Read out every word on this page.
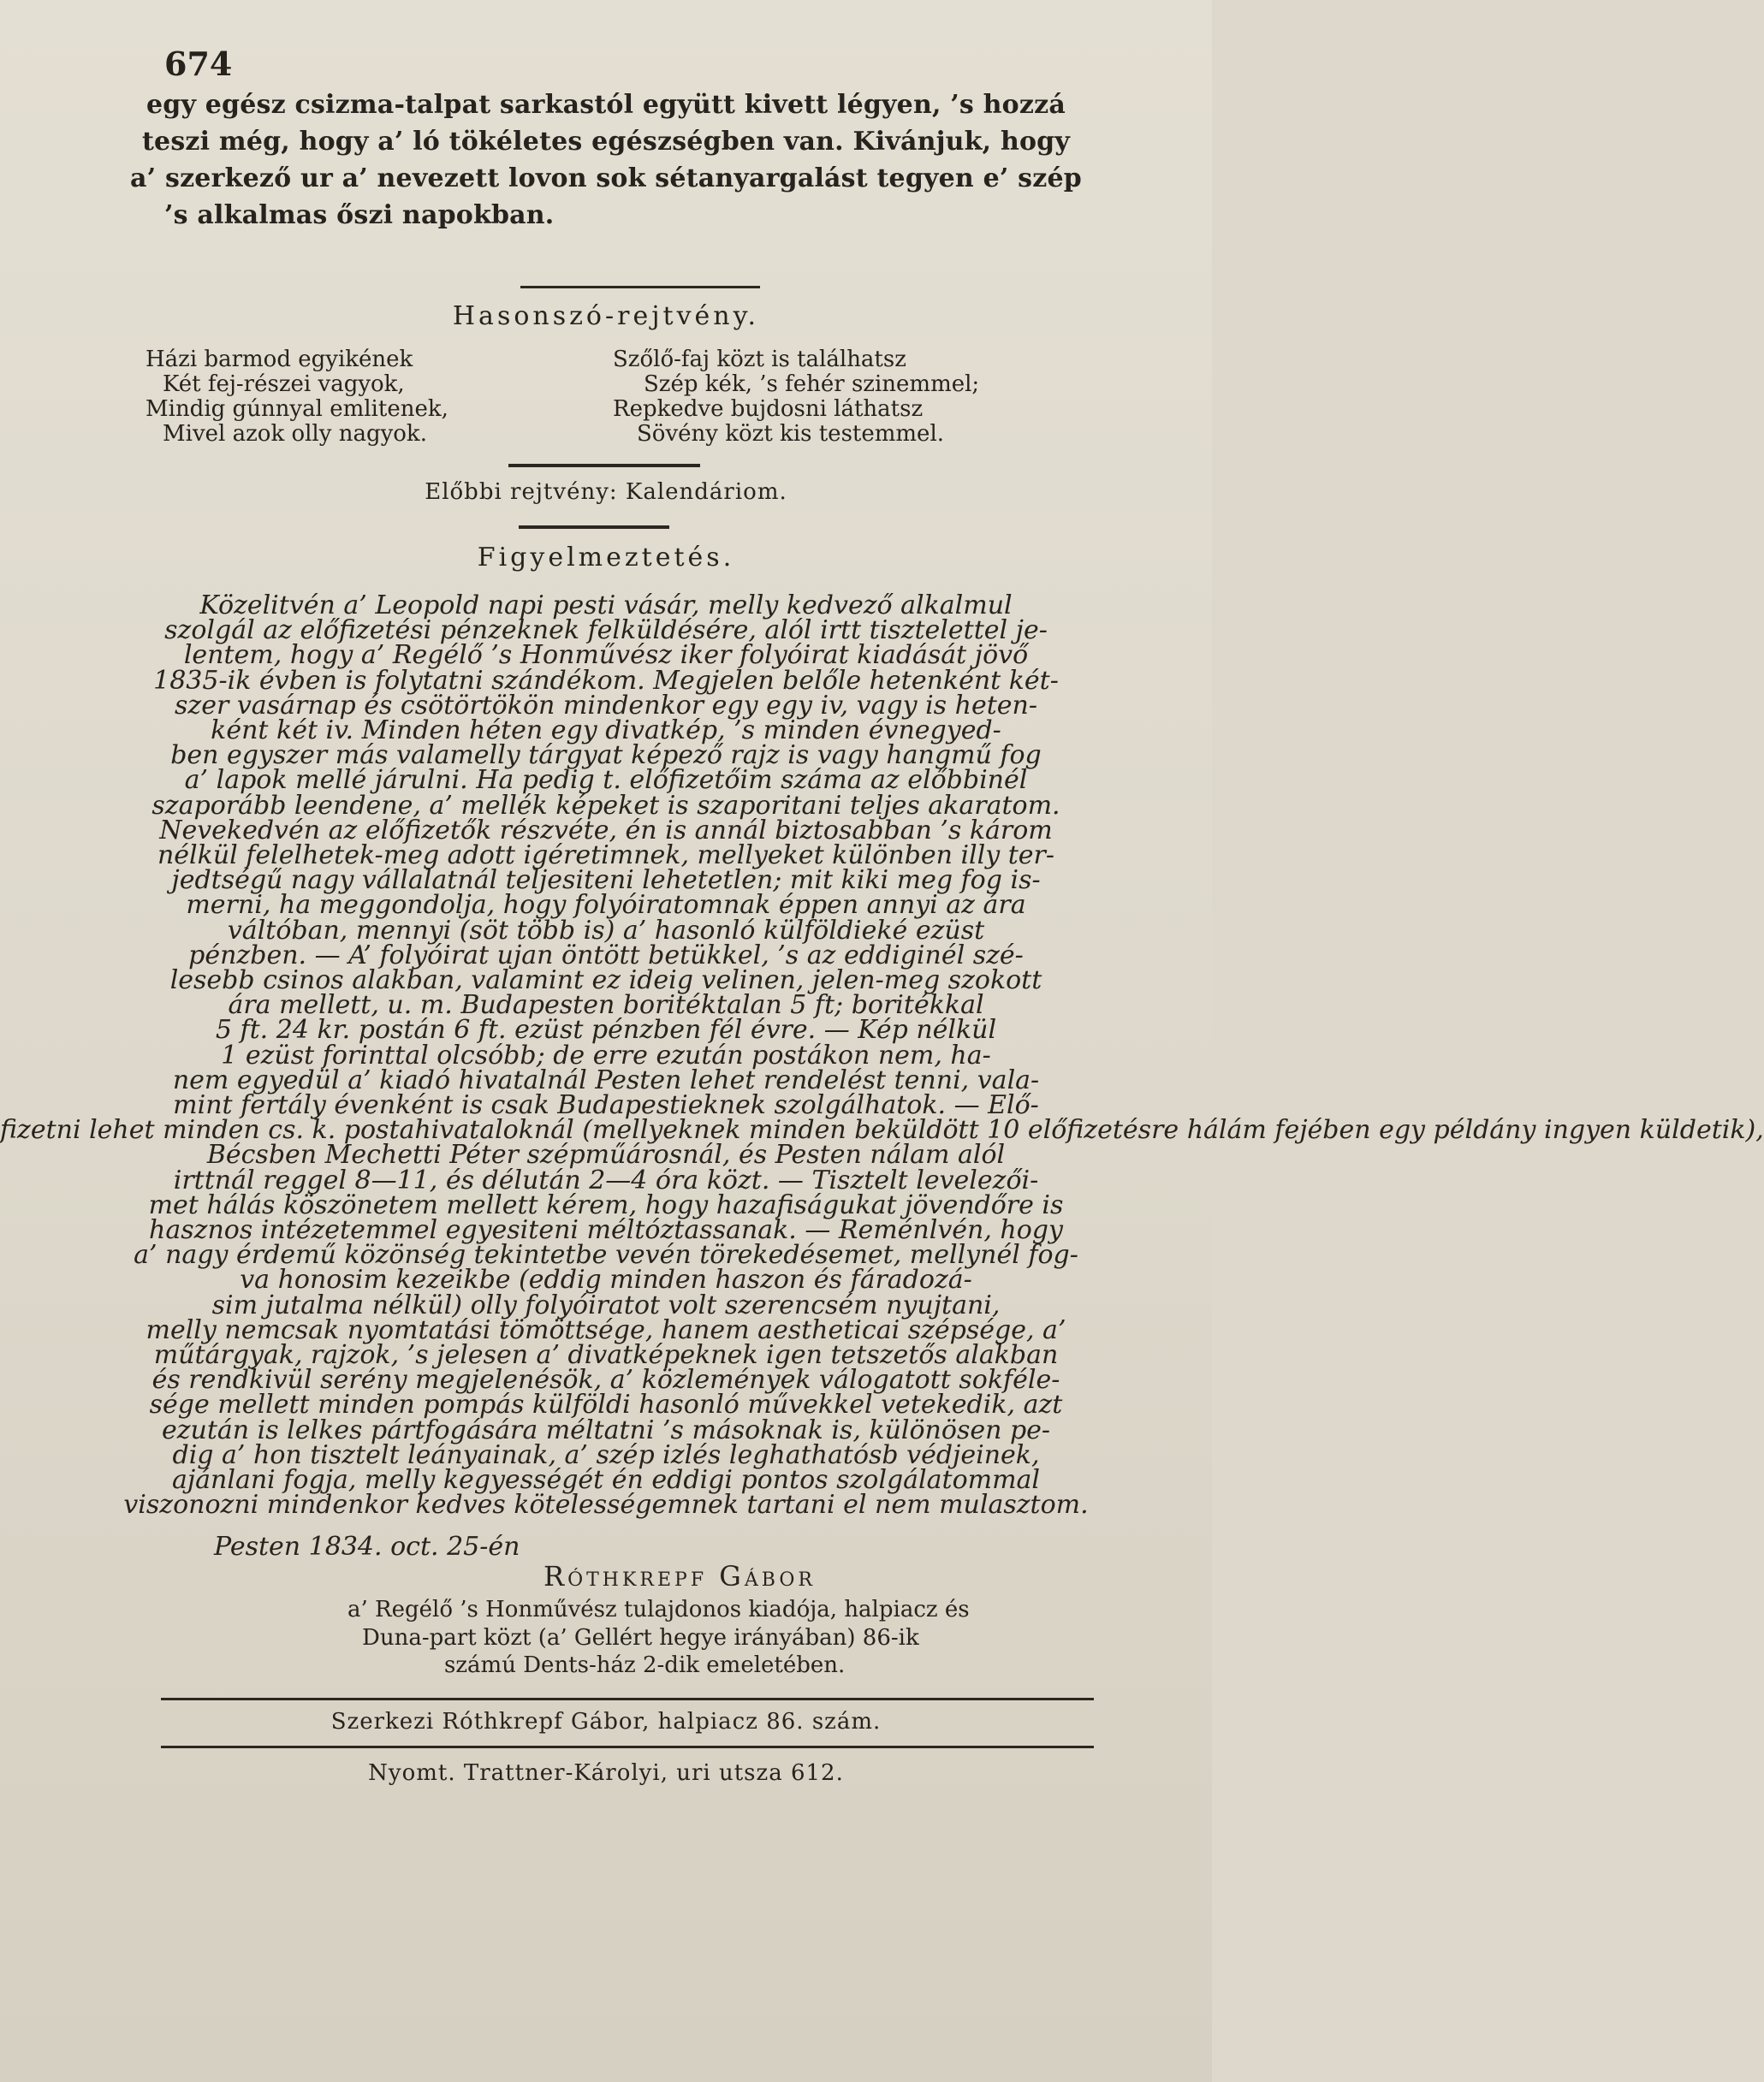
674
egy egész csizma-talpat sarkastól együtt kivett légyen, ’s hozzá
teszi még, hogy a’ ló tökéletes egészségben van. Kivánjuk, hogy
a’ szerkező ur a’ nevezett lovon sok sétanyargalást tegyen e’ szép
’s alkalmas őszi napokban.
Hasonszó-rejtvény.
Házi barmod egyikének	Szőlő-faj közt is találhatsz
Két fej-részei vagyok,	Szép kék, ’s fehér szinemmel;
Mindig gúnnyal emlitenek,	Repkedve bujdosni láthatsz
Mivel azok olly nagyok.	Sövény közt kis testemmel.
Előbbi rejtvény: Kalendáriom.
Figyelmeztetés.
Közelitvén a’ Leopold napi pesti vásár, melly kedvező alkalmul
szolgál az előfizetési pénzeknek felküldésére, alól irtt tisztelettel je-
lentem, hogy a’ Regélő ’s Honművész iker folyóirat kiadását jövő
1835-ik évben is folytatni szándékom. Megjelen belőle hetenként két-
szer vasárnap és csötörtökön mindenkor egy egy iv, vagy is heten-
ként két iv. Minden héten egy divatkép, ’s minden évnegyed-
ben egyszer más valamelly tárgyat képező rajz is vagy hangmű fog
a’ lapok mellé járulni. Ha pedig t. előfizetőim száma az előbbinél
szaporább leendene, a’ mellék képeket is szaporitani teljes akaratom.
Nevekedvén az előfizetők részvéte, én is annál biztosabban ’s károm
nélkül felelhetek-meg adott igéretimnek, mellyeket különben illy ter-
jedtségű nagy vállalatnál teljesiteni lehetetlen; mit kiki meg fog is-
merni, ha meggondolja, hogy folyóiratomnak éppen annyi az ára
váltóban, mennyi (söt több is) a’ hasonló külföldieké ezüst
pénzben. — A’ folyóirat ujan öntött betükkel, ’s az eddiginél szé-
lesebb csinos alakban, valamint ez ideig velinen, jelen-meg szokott
ára mellett, u. m. Budapesten boritéktalan 5 ft; boritékkal
5 ft. 24 kr. postán 6 ft. ezüst pénzben fél évre. — Kép nélkül
1 ezüst forinttal olcsóbb; de erre ezután postákon nem, ha-
nem egyedül a’ kiadó hivatalnál Pesten lehet rendelést tenni, vala-
mint fertály évenként is csak Budapestieknek szolgálhatok. — Elő-
fizetni lehet minden cs. k. postahivataloknál (mellyeknek minden beküldött 10 előfizetésre hálám fejében egy példány ingyen küldetik),
Bécsben Mechetti Péter szépműárosnál, és Pesten nálam alól
irttnál reggel 8—11, és délután 2—4 óra közt. — Tisztelt levelezői-
met hálás köszönetem mellett kérem, hogy hazafiságukat jövendőre is
hasznos intézetemmel egyesiteni méltóztassanak. — Reménlvén, hogy
a’ nagy érdemű közönség tekintetbe vevén törekedésemet, mellynél fog-
va honosim kezeikbe (eddig minden haszon és fáradozá-
sim jutalma nélkül) olly folyóiratot volt szerencsém nyujtani,
melly nemcsak nyomtatási tömöttsége, hanem aestheticai szépsége, a’
műtárgyak, rajzok, ’s jelesen a’ divatképeknek igen tetszetős alakban
és rendkivül serény megjelenésök, a’ közlemények válogatott sokféle-
sége mellett minden pompás külföldi hasonló művekkel vetekedik, azt
ezután is lelkes pártfogására méltatni ’s másoknak is, különösen pe-
dig a’ hon tisztelt leányainak, a’ szép izlés leghathatósb védjeinek,
ajánlani fogja, melly kegyességét én eddigi pontos szolgálatommal
viszonozni mindenkor kedves kötelességemnek tartani el nem mulasztom.
Pesten 1834. oct. 25-én
Róthkrepf Gábor
a’ Regélő ’s Honművész tulajdonos kiadója, halpiacz és
Duna-part közt (a’ Gellért hegye irányában) 86-ik
számú Dents-ház 2-dik emeletében.
Szerkezi Róthkrepf Gábor, halpiacz 86. szám.
Nyomt. Trattner-Károlyi, uri utsza 612.
